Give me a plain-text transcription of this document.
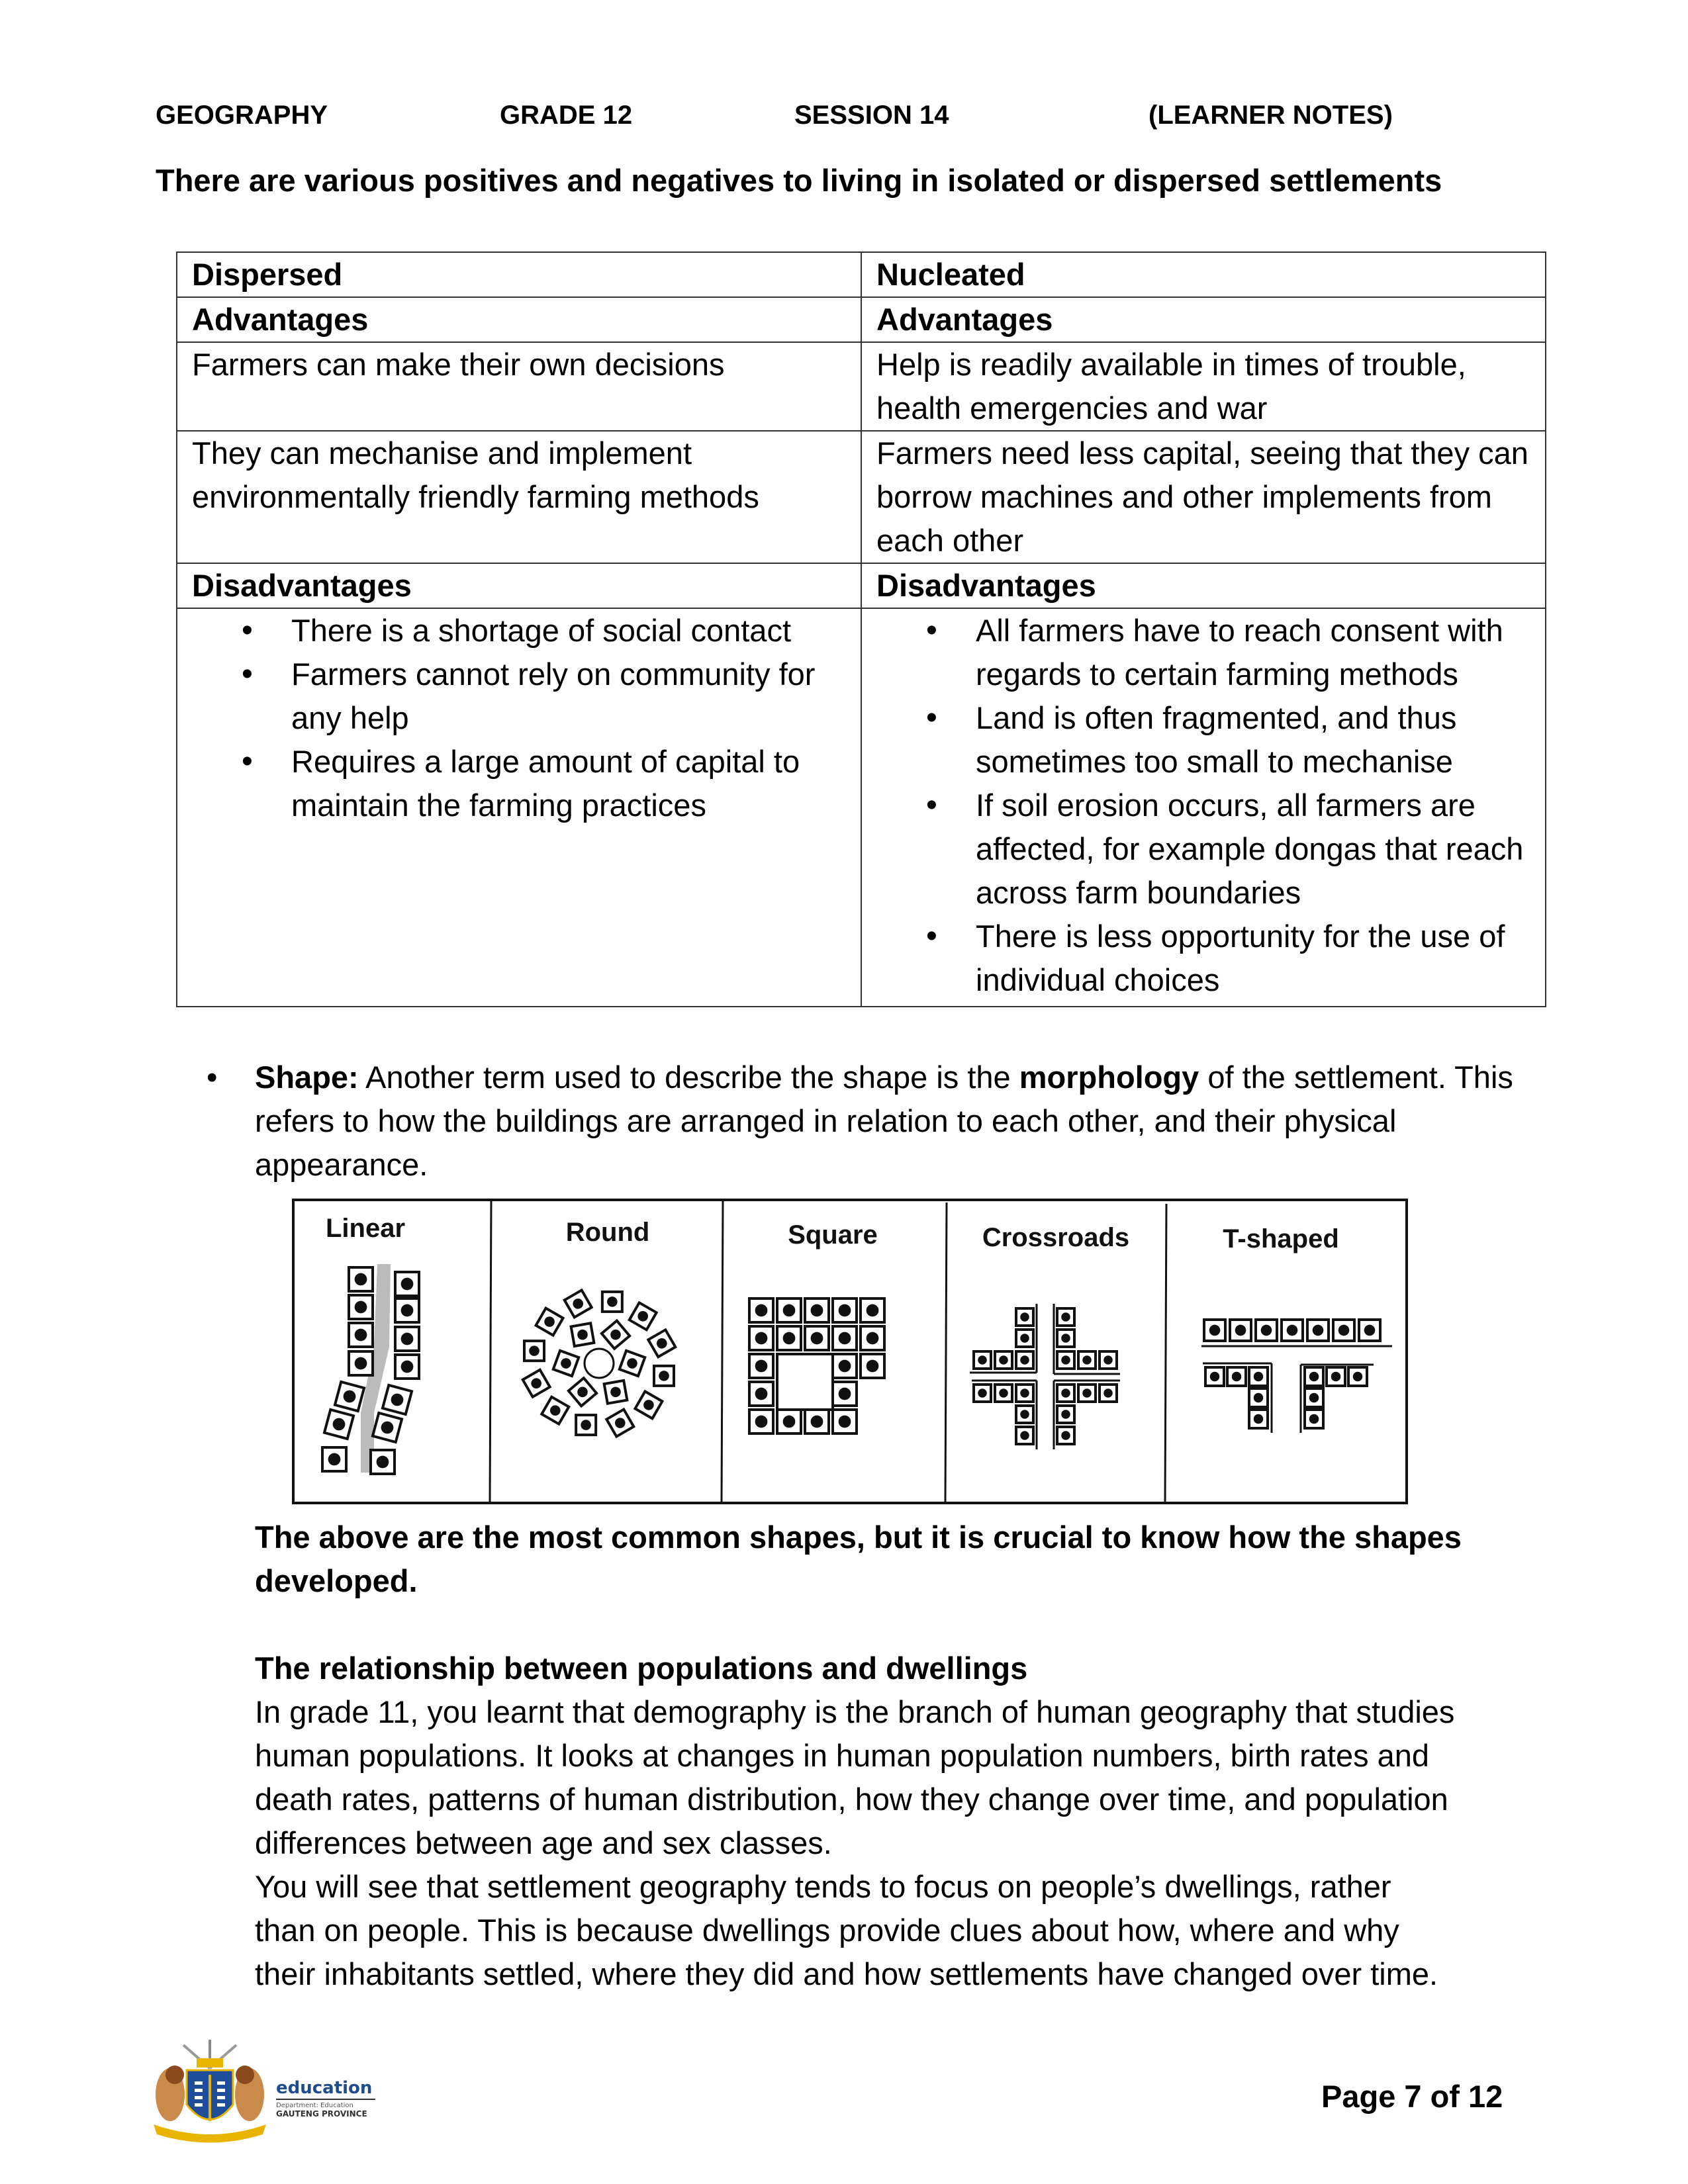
GEOGRAPHY	GRADE 12	SESSION 14	(LEARNER NOTES)
There are various positives and negatives to living in isolated or dispersed settlements
Dispersed	Nucleated
Advantages	Advantages
Farmers can make their own decisions	Help is readily available in times of trouble, health emergencies and war
They can mechanise and implement environmentally friendly farming methods	Farmers need less capital, seeing that they can borrow machines and other implements from each other
Disadvantages	Disadvantages

• There is a shortage of social contact
• Farmers cannot rely on community for any help
• Requires a large amount of capital to maintain the farming practices

• All farmers have to reach consent with regards to certain farming methods
• Land is often fragmented, and thus sometimes too small to mechanise
• If soil erosion occurs, all farmers are affected, for example dongas that reach across farm boundaries
• There is less opportunity for the use of individual choices
• Shape: Another term used to describe the shape is the morphology of the settlement. This refers to how the buildings are arranged in relation to each other, and their physical appearance.
Linear	Round	Square	Crossroads	T-shaped
The above are the most common shapes, but it is crucial to know how the shapes developed.
The relationship between populations and dwellings
In grade 11, you learnt that demography is the branch of human geography that studies
human populations. It looks at changes in human population numbers, birth rates and
death rates, patterns of human distribution, how they change over time, and population
differences between age and sex classes.
You will see that settlement geography tends to focus on people’s dwellings, rather
than on people. This is because dwellings provide clues about how, where and why
their inhabitants settled, where they did and how settlements have changed over time.
education
Department: Education
GAUTENG PROVINCE	Page 7 of 12
